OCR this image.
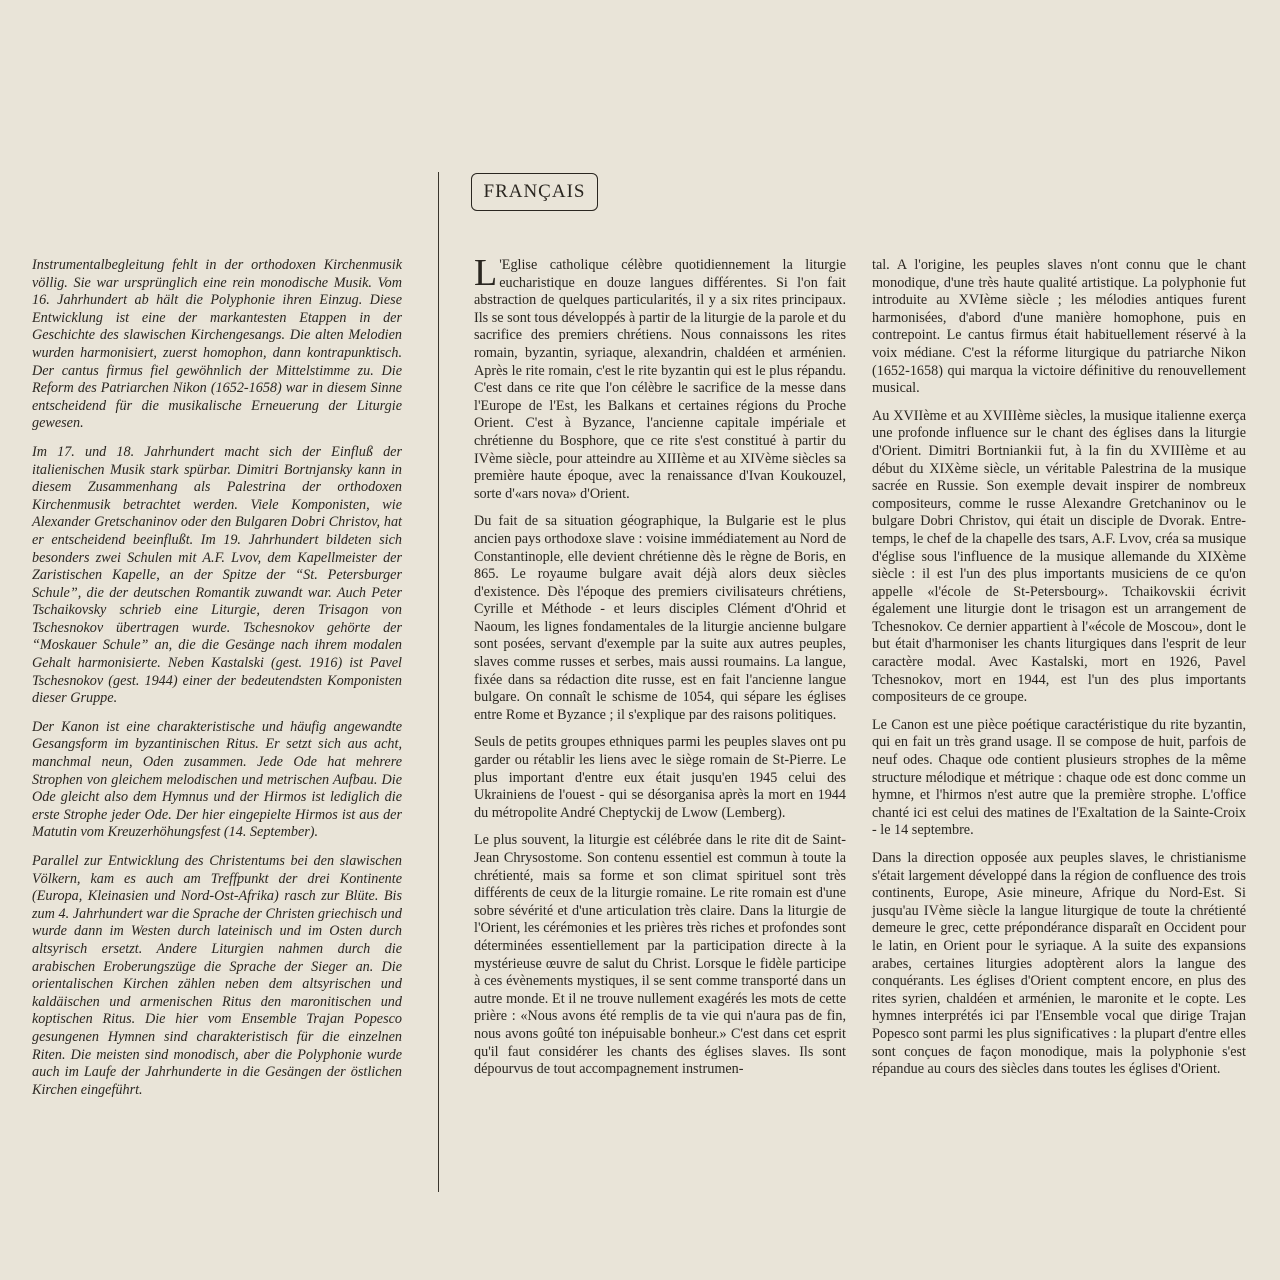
FRANÇAIS

Instrumentalbegleitung fehlt in der orthodoxen Kirchenmusik völlig. Sie war ursprünglich eine rein monodische Musik. Vom 16. Jahrhundert ab hält die Polyphonie ihren Einzug. Diese Entwicklung ist eine der markantesten Etappen in der Geschichte des slawischen Kirchengesangs. Die alten Melodien wurden harmonisiert, zuerst homophon, dann kontrapunktisch. Der cantus firmus fiel gewöhnlich der Mittelstimme zu. Die Reform des Patriarchen Nikon (1652-1658) war in diesem Sinne entscheidend für die musikalische Erneuerung der Liturgie gewesen.

Im 17. und 18. Jahrhundert macht sich der Einfluß der italienischen Musik stark spürbar. Dimitri Bortnjansky kann in diesem Zusammenhang als Palestrina der orthodoxen Kirchenmusik betrachtet werden. Viele Komponisten, wie Alexander Gretschaninov oder den Bulgaren Dobri Christov, hat er entscheidend beeinflußt. Im 19. Jahrhundert bildeten sich besonders zwei Schulen mit A.F. Lvov, dem Kapellmeister der Zaristischen Kapelle, an der Spitze der “St. Petersburger Schule”, die der deutschen Romantik zuwandt war. Auch Peter Tschaikovsky schrieb eine Liturgie, deren Trisagon von Tschesnokov übertragen wurde. Tschesnokov gehörte der “Moskauer Schule” an, die die Gesänge nach ihrem modalen Gehalt harmonisierte. Neben Kastalski (gest. 1916) ist Pavel Tschesnokov (gest. 1944) einer der bedeutendsten Komponisten dieser Gruppe.

Der Kanon ist eine charakteristische und häufig angewandte Gesangsform im byzantinischen Ritus. Er setzt sich aus acht, manchmal neun, Oden zusammen. Jede Ode hat mehrere Strophen von gleichem melodischen und metrischen Aufbau. Die Ode gleicht also dem Hymnus und der Hirmos ist lediglich die erste Strophe jeder Ode. Der hier eingepielte Hirmos ist aus der Matutin vom Kreuzerhöhungsfest (14. September).

Parallel zur Entwicklung des Christentums bei den slawischen Völkern, kam es auch am Treffpunkt der drei Kontinente (Europa, Kleinasien und Nord-Ost-Afrika) rasch zur Blüte. Bis zum 4. Jahrhundert war die Sprache der Christen griechisch und wurde dann im Westen durch lateinisch und im Osten durch altsyrisch ersetzt. Andere Liturgien nahmen durch die arabischen Eroberungszüge die Sprache der Sieger an. Die orientalischen Kirchen zählen neben dem altsyrischen und kaldäischen und armenischen Ritus den maronitischen und koptischen Ritus. Die hier vom Ensemble Trajan Popesco gesungenen Hymnen sind charakteristisch für die einzelnen Riten. Die meisten sind monodisch, aber die Polyphonie wurde auch im Laufe der Jahrhunderte in die Gesängen der östlichen Kirchen eingeführt.

L 'Eglise catholique célèbre quotidiennement la liturgie eucharistique en douze langues différentes. Si l'on fait abstraction de quelques particularités, il y a six rites principaux. Ils se sont tous développés à partir de la liturgie de la parole et du sacrifice des premiers chrétiens. Nous connaissons les rites romain, byzantin, syriaque, alexandrin, chaldéen et arménien. Après le rite romain, c'est le rite byzantin qui est le plus répandu. C'est dans ce rite que l'on célèbre le sacrifice de la messe dans l'Europe de l'Est, les Balkans et certaines régions du Proche Orient. C'est à Byzance, l'ancienne capitale impériale et chrétienne du Bosphore, que ce rite s'est constitué à partir du IVème siècle, pour atteindre au XIIIème et au XIVème siècles sa première haute époque, avec la renaissance d'Ivan Koukouzel, sorte d'«ars nova» d'Orient.

Du fait de sa situation géographique, la Bulgarie est le plus ancien pays orthodoxe slave : voisine immédiatement au Nord de Constantinople, elle devient chrétienne dès le règne de Boris, en 865. Le royaume bulgare avait déjà alors deux siècles d'existence. Dès l'époque des premiers civilisateurs chrétiens, Cyrille et Méthode - et leurs disciples Clément d'Ohrid et Naoum, les lignes fondamentales de la liturgie ancienne bulgare sont posées, servant d'exemple par la suite aux autres peuples, slaves comme russes et serbes, mais aussi roumains. La langue, fixée dans sa rédaction dite russe, est en fait l'ancienne langue bulgare. On connaît le schisme de 1054, qui sépare les églises entre Rome et Byzance ; il s'explique par des raisons politiques.

Seuls de petits groupes ethniques parmi les peuples slaves ont pu garder ou rétablir les liens avec le siège romain de St-Pierre. Le plus important d'entre eux était jusqu'en 1945 celui des Ukrainiens de l'ouest - qui se désorganisa après la mort en 1944 du métropolite André Cheptyckij de Lwow (Lemberg).

Le plus souvent, la liturgie est célébrée dans le rite dit de Saint-Jean Chrysostome. Son contenu essentiel est commun à toute la chrétienté, mais sa forme et son climat spirituel sont très différents de ceux de la liturgie romaine. Le rite romain est d'une sobre sévérité et d'une articulation très claire. Dans la liturgie de l'Orient, les cérémonies et les prières très riches et profondes sont déterminées essentiellement par la participation directe à la mystérieuse œuvre de salut du Christ. Lorsque le fidèle participe à ces évènements mystiques, il se sent comme transporté dans un autre monde. Et il ne trouve nullement exagérés les mots de cette prière : «Nous avons été remplis de ta vie qui n'aura pas de fin, nous avons goûté ton inépuisable bonheur.» C'est dans cet esprit qu'il faut considérer les chants des églises slaves. Ils sont dépourvus de tout accompagnement instrumen-

tal. A l'origine, les peuples slaves n'ont connu que le chant monodique, d'une très haute qualité artistique. La polyphonie fut introduite au XVIème siècle ; les mélodies antiques furent harmonisées, d'abord d'une manière homophone, puis en contrepoint. Le cantus firmus était habituellement réservé à la voix médiane. C'est la réforme liturgique du patriarche Nikon (1652-1658) qui marqua la victoire définitive du renouvellement musical.

Au XVIIème et au XVIIIème siècles, la musique italienne exerça une profonde influence sur le chant des églises dans la liturgie d'Orient. Dimitri Bortniankii fut, à la fin du XVIIIème et au début du XIXème siècle, un véritable Palestrina de la musique sacrée en Russie. Son exemple devait inspirer de nombreux compositeurs, comme le russe Alexandre Gretchaninov ou le bulgare Dobri Christov, qui était un disciple de Dvorak. Entre-temps, le chef de la chapelle des tsars, A.F. Lvov, créa sa musique d'église sous l'influence de la musique allemande du XIXème siècle : il est l'un des plus importants musiciens de ce qu'on appelle «l'école de St-Petersbourg». Tchaikovskii écrivit également une liturgie dont le trisagon est un arrangement de Tchesnokov. Ce dernier appartient à l'«école de Moscou», dont le but était d'harmoniser les chants liturgiques dans l'esprit de leur caractère modal. Avec Kastalski, mort en 1926, Pavel Tchesnokov, mort en 1944, est l'un des plus importants compositeurs de ce groupe.

Le Canon est une pièce poétique caractéristique du rite byzantin, qui en fait un très grand usage. Il se compose de huit, parfois de neuf odes. Chaque ode contient plusieurs strophes de la même structure mélodique et métrique : chaque ode est donc comme un hymne, et l'hirmos n'est autre que la première strophe. L'office chanté ici est celui des matines de l'Exaltation de la Sainte-Croix - le 14 septembre.

Dans la direction opposée aux peuples slaves, le christianisme s'était largement développé dans la région de confluence des trois continents, Europe, Asie mineure, Afrique du Nord-Est. Si jusqu'au IVème siècle la langue liturgique de toute la chrétienté demeure le grec, cette prépondérance disparaît en Occident pour le latin, en Orient pour le syriaque. A la suite des expansions arabes, certaines liturgies adoptèrent alors la langue des conquérants. Les églises d'Orient comptent encore, en plus des rites syrien, chaldéen et arménien, le maronite et le copte. Les hymnes interprétés ici par l'Ensemble vocal que dirige Trajan Popesco sont parmi les plus significatives : la plupart d'entre elles sont conçues de façon monodique, mais la polyphonie s'est répandue au cours des siècles dans toutes les églises d'Orient.
